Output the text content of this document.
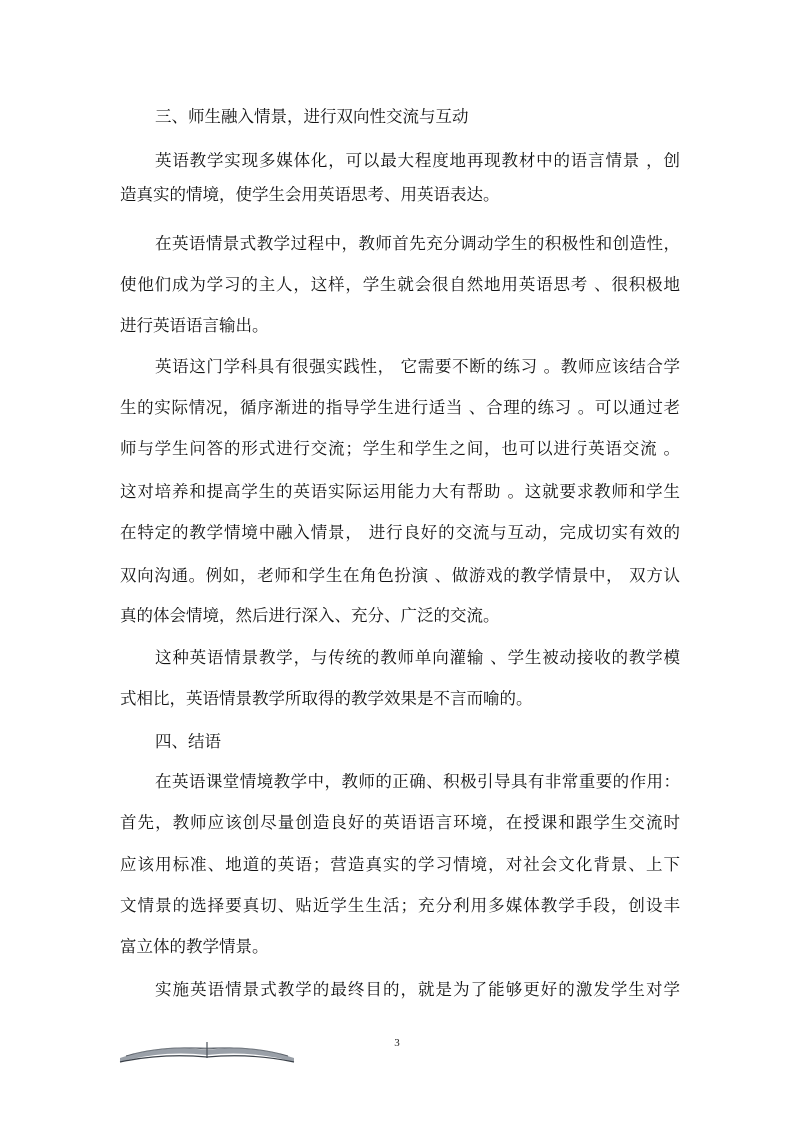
三、师生融入情景，进行双向性交流与互动
英语教学实现多媒体化，可以最大程度地再现教材中的语言情景 ，创
造真实的情境，使学生会用英语思考、用英语表达。
在英语情景式教学过程中，教师首先充分调动学生的积极性和创造性，
使他们成为学习的主人，这样，学生就会很自然地用英语思考 、很积极地
进行英语语言输出。
英语这门学科具有很强实践性， 它需要不断的练习 。教师应该结合学
生的实际情况，循序渐进的指导学生进行适当 、合理的练习 。可以通过老
师与学生问答的形式进行交流；学生和学生之间，也可以进行英语交流 。
这对培养和提高学生的英语实际运用能力大有帮助 。这就要求教师和学生
在特定的教学情境中融入情景， 进行良好的交流与互动，完成切实有效的
双向沟通。例如，老师和学生在角色扮演 、做游戏的教学情景中， 双方认
真的体会情境，然后进行深入、充分、广泛的交流。
这种英语情景教学，与传统的教师单向灌输 、学生被动接收的教学模
式相比，英语情景教学所取得的教学效果是不言而喻的。
四、结语
在英语课堂情境教学中，教师的正确、积极引导具有非常重要的作用：
首先，教师应该创尽量创造良好的英语语言环境，在授课和跟学生交流时
应该用标准、地道的英语；营造真实的学习情境，对社会文化背景、上下
文情景的选择要真切、贴近学生生活；充分利用多媒体教学手段，创设丰
富立体的教学情景。
实施英语情景式教学的最终目的，就是为了能够更好的激发学生对学
3
